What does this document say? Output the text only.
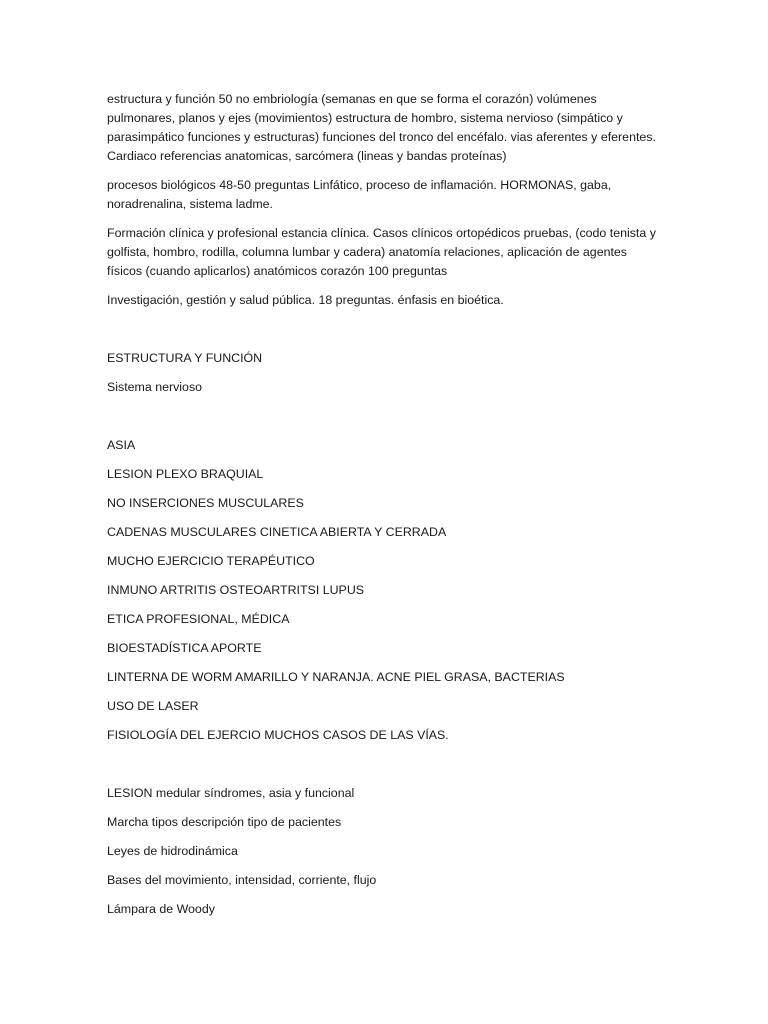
estructura y función 50 no embriología (semanas en que se forma el corazón) volúmenes pulmonares, planos y ejes (movimientos) estructura de hombro, sistema nervioso (simpático y parasimpático funciones y estructuras) funciones del tronco del encéfalo. vias aferentes y eferentes. Cardiaco referencias anatomicas, sarcómera (lineas y bandas proteínas)

procesos biológicos 48-50 preguntas Linfático, proceso de inflamación. HORMONAS, gaba, noradrenalina, sistema ladme.

Formación clínica y profesional estancia clínica. Casos clínicos ortopédicos pruebas, (codo tenista y golfista, hombro, rodilla, columna lumbar y cadera) anatomía relaciones, aplicación de agentes físicos (cuando aplicarlos) anatómicos corazón 100 preguntas

Investigación, gestión y salud pública. 18 preguntas. énfasis en bioética.

ESTRUCTURA Y FUNCIÓN

Sistema nervioso

ASIA

LESION PLEXO BRAQUIAL

NO INSERCIONES MUSCULARES

CADENAS MUSCULARES CINETICA ABIERTA Y CERRADA

MUCHO EJERCICIO TERAPÉUTICO

INMUNO ARTRITIS OSTEOARTRITSI LUPUS

ETICA PROFESIONAL, MÉDICA

BIOESTADÍSTICA APORTE

LINTERNA DE WORM AMARILLO Y NARANJA. ACNE PIEL GRASA, BACTERIAS

USO DE LASER

FISIOLOGÍA DEL EJERCIO MUCHOS CASOS DE LAS VÍAS.

LESION medular síndromes, asia y funcional

Marcha tipos descripción tipo de pacientes

Leyes de hidrodinámica

Bases del movimiento, intensidad, corriente, flujo

Lámpara de Woody
